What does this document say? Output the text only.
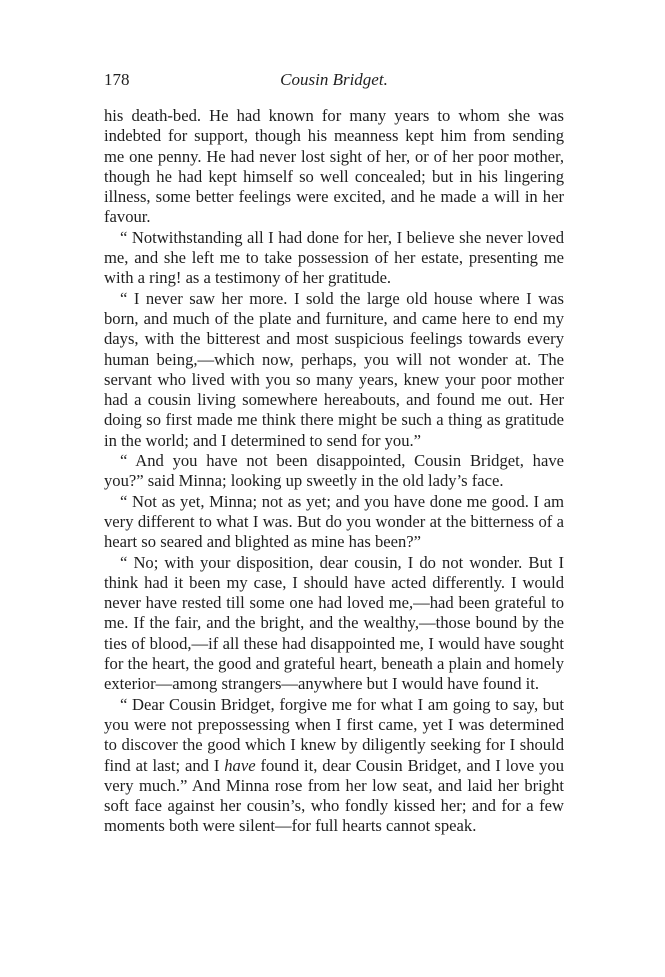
178	Cousin Bridget.

his death-bed. He had known for many years to whom she was indebted for support, though his meanness kept him from sending me one penny. He had never lost sight of her, or of her poor mother, though he had kept himself so well concealed; but in his lingering illness, some better feelings were excited, and he made a will in her favour.

“ Notwithstanding all I had done for her, I believe she never loved me, and she left me to take possession of her estate, presenting me with a ring! as a testimony of her gratitude.

“ I never saw her more. I sold the large old house where I was born, and much of the plate and furniture, and came here to end my days, with the bitterest and most suspicious feelings towards every human being,—which now, perhaps, you will not wonder at. The servant who lived with you so many years, knew your poor mother had a cousin living somewhere hereabouts, and found me out. Her doing so first made me think there might be such a thing as gratitude in the world; and I determined to send for you.”

“ And you have not been disappointed, Cousin Bridget, have you?” said Minna; looking up sweetly in the old lady’s face.

“ Not as yet, Minna; not as yet; and you have done me good. I am very different to what I was. But do you wonder at the bitterness of a heart so seared and blighted as mine has been?”

“ No; with your disposition, dear cousin, I do not wonder. But I think had it been my case, I should have acted differently. I would never have rested till some one had loved me,—had been grateful to me. If the fair, and the bright, and the wealthy,—those bound by the ties of blood,—if all these had disappointed me, I would have sought for the heart, the good and grateful heart, beneath a plain and homely exterior—among strangers—anywhere but I would have found it.

“ Dear Cousin Bridget, forgive me for what I am going to say, but you were not prepossessing when I first came, yet I was determined to discover the good which I knew by diligently seeking for I should find at last; and I have found it, dear Cousin Bridget, and I love you very much.” And Minna rose from her low seat, and laid her bright soft face against her cousin’s, who fondly kissed her; and for a few moments both were silent—for full hearts cannot speak.
